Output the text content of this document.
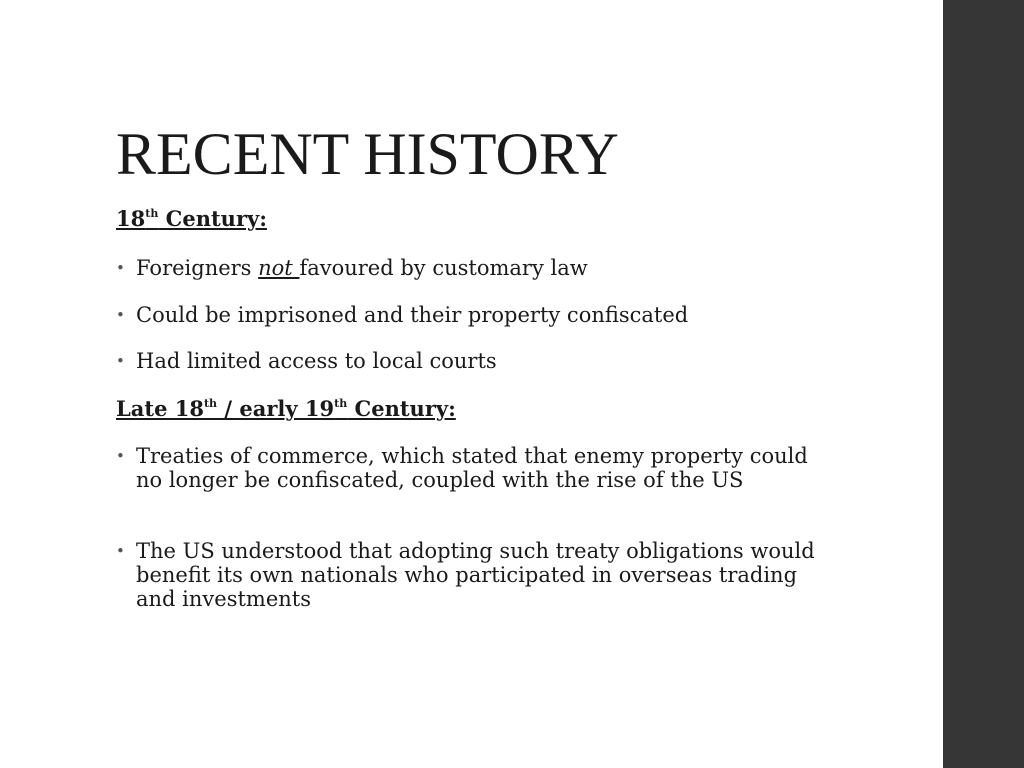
RECENT HISTORY
18th Century:
• Foreigners not favoured by customary law
• Could be imprisoned and their property confiscated
• Had limited access to local courts
Late 18th / early 19th Century:
• Treaties of commerce, which stated that enemy property could no longer be confiscated, coupled with the rise of the US
• The US understood that adopting such treaty obligations would benefit its own nationals who participated in overseas trading and investments
